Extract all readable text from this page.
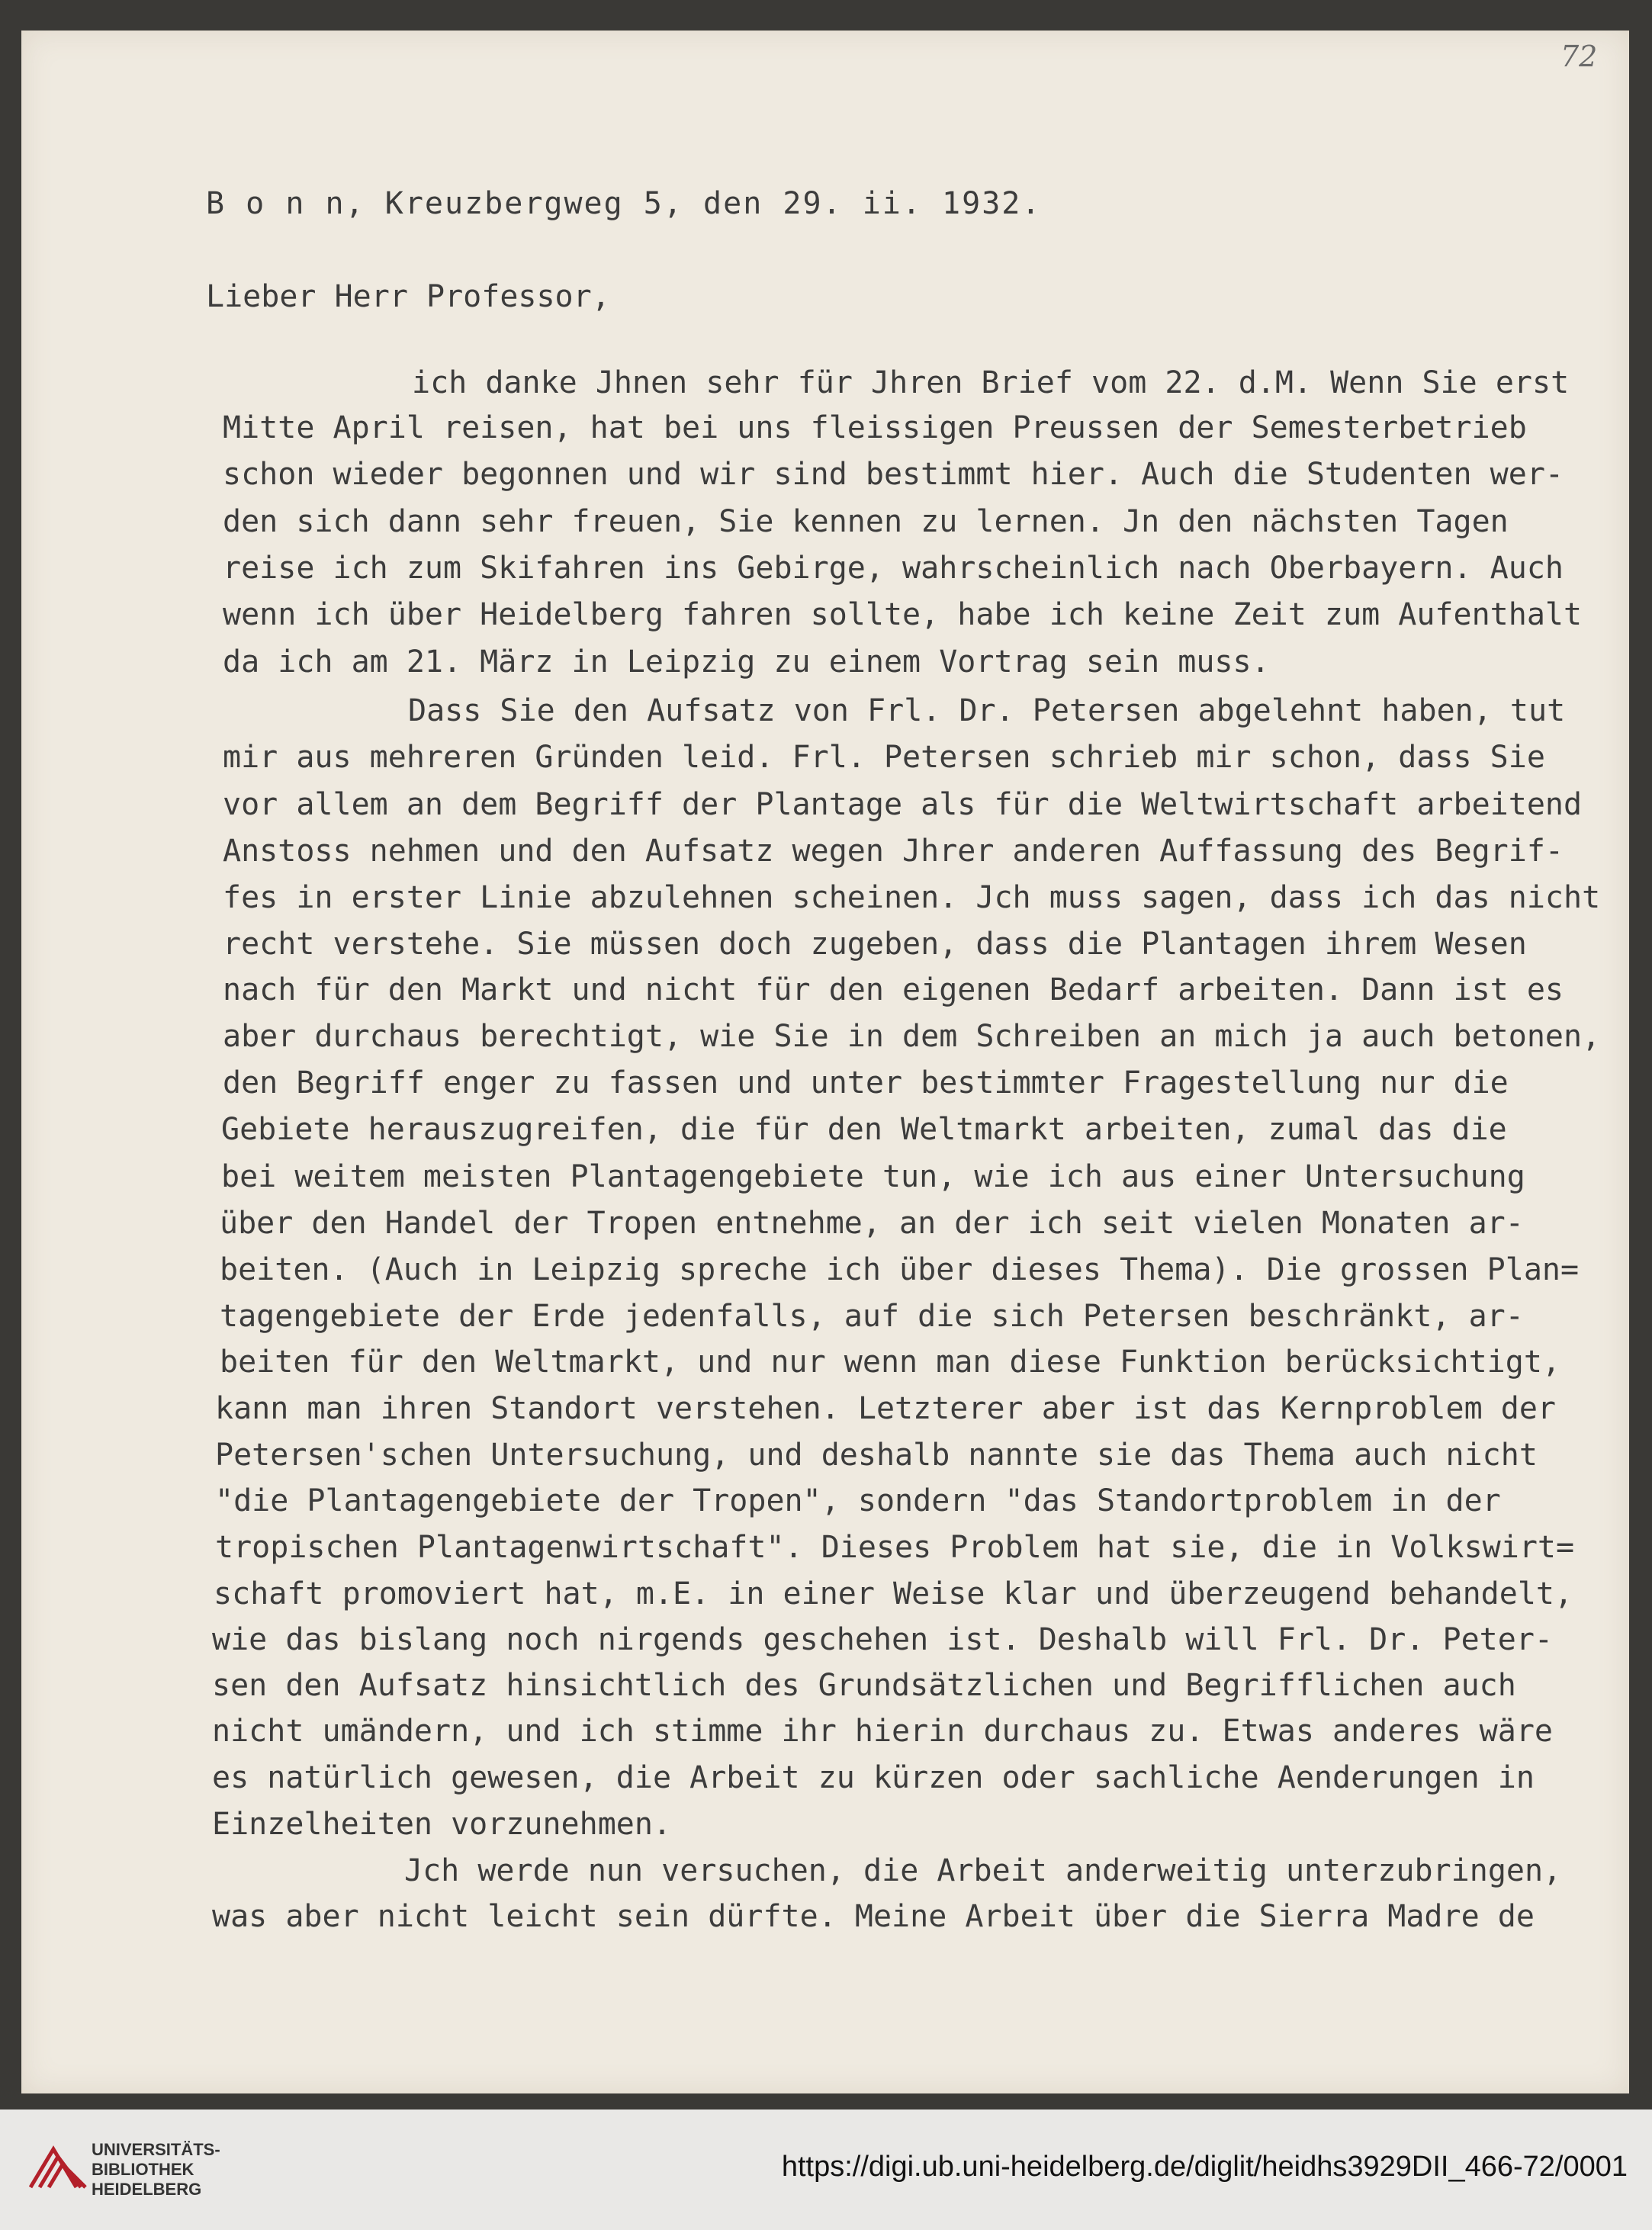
72
B o n n, Kreuzbergweg 5, den 29. ii. 1932.
Lieber Herr Professor,
ich danke Jhnen sehr für Jhren Brief vom 22. d.M. Wenn Sie erst
Mitte April reisen, hat bei uns fleissigen Preussen der Semesterbetrieb
schon wieder begonnen und wir sind bestimmt hier. Auch die Studenten wer-
den sich dann sehr freuen, Sie kennen zu lernen. Jn den nächsten Tagen
reise ich zum Skifahren ins Gebirge, wahrscheinlich nach Oberbayern. Auch
wenn ich über Heidelberg fahren sollte, habe ich keine Zeit zum Aufenthalt
da ich am 21. März in Leipzig zu einem Vortrag sein muss.
Dass Sie den Aufsatz von Frl. Dr. Petersen abgelehnt haben, tut
mir aus mehreren Gründen leid. Frl. Petersen schrieb mir schon, dass Sie
vor allem an dem Begriff der Plantage als für die Weltwirtschaft arbeitend
Anstoss nehmen und den Aufsatz wegen Jhrer anderen Auffassung des Begrif-
fes in erster Linie abzulehnen scheinen. Jch muss sagen, dass ich das nicht
recht verstehe. Sie müssen doch zugeben, dass die Plantagen ihrem Wesen
nach für den Markt und nicht für den eigenen Bedarf arbeiten. Dann ist es
aber durchaus berechtigt, wie Sie in dem Schreiben an mich ja auch betonen,
den Begriff enger zu fassen und unter bestimmter Fragestellung nur die
Gebiete herauszugreifen, die für den Weltmarkt arbeiten, zumal das die
bei weitem meisten Plantagengebiete tun, wie ich aus einer Untersuchung
über den Handel der Tropen entnehme, an der ich seit vielen Monaten ar-
beiten. (Auch in Leipzig spreche ich über dieses Thema). Die grossen Plan=
tagengebiete der Erde jedenfalls, auf die sich Petersen beschränkt, ar-
beiten für den Weltmarkt, und nur wenn man diese Funktion berücksichtigt,
kann man ihren Standort verstehen. Letzterer aber ist das Kernproblem der
Petersen'schen Untersuchung, und deshalb nannte sie das Thema auch nicht
"die Plantagengebiete der Tropen", sondern "das Standortproblem in der
tropischen Plantagenwirtschaft". Dieses Problem hat sie, die in Volkswirt=
schaft promoviert hat, m.E. in einer Weise klar und überzeugend behandelt,
wie das bislang noch nirgends geschehen ist. Deshalb will Frl. Dr. Peter-
sen den Aufsatz hinsichtlich des Grundsätzlichen und Begrifflichen auch
nicht umändern, und ich stimme ihr hierin durchaus zu. Etwas anderes wäre
es natürlich gewesen, die Arbeit zu kürzen oder sachliche Aenderungen in
Einzelheiten vorzunehmen.
Jch werde nun versuchen, die Arbeit anderweitig unterzubringen,
was aber nicht leicht sein dürfte. Meine Arbeit über die Sierra Madre de
UNIVERSITÄTS-
BIBLIOTHEK
HEIDELBERG
https://digi.ub.uni-heidelberg.de/diglit/heidhs3929DII_466-72/0001
